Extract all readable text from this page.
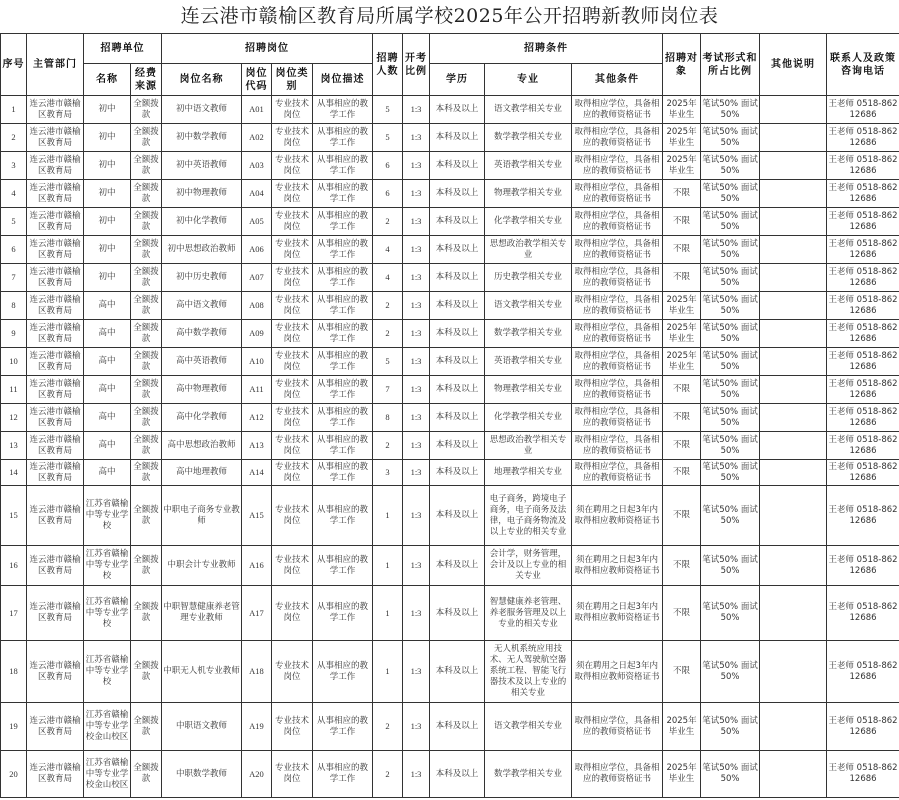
连云港市赣榆区教育局所属学校2025年公开招聘新教师岗位表
序号	主管部门	招聘单位		招聘岗位				招聘人数	开考比例	招聘条件			招聘对象	考试形式和所占比例	其他说明	联系人及政策咨询电话
		名称	经费来源	岗位名称	岗位代码	岗位类别	岗位描述			学历	专业	其他条件				
1	连云港市赣榆区教育局	初中	全额拨款	初中语文教师	A01	专业技术岗位	从事相应的教学工作	5	1:3	本科及以上	语文教学相关专业	取得相应学位，具备相应的教师资格证书	2025年毕业生	笔试50% 面试50%		王老师 0518-86212686
2	连云港市赣榆区教育局	初中	全额拨款	初中数学教师	A02	专业技术岗位	从事相应的教学工作	5	1:3	本科及以上	数学教学相关专业	取得相应学位，具备相应的教师资格证书	2025年毕业生	笔试50% 面试50%		王老师 0518-86212686
3	连云港市赣榆区教育局	初中	全额拨款	初中英语教师	A03	专业技术岗位	从事相应的教学工作	6	1:3	本科及以上	英语教学相关专业	取得相应学位，具备相应的教师资格证书	2025年毕业生	笔试50% 面试50%		王老师 0518-86212686
4	连云港市赣榆区教育局	初中	全额拨款	初中物理教师	A04	专业技术岗位	从事相应的教学工作	6	1:3	本科及以上	物理教学相关专业	取得相应学位，具备相应的教师资格证书	不限	笔试50% 面试50%		王老师 0518-86212686
5	连云港市赣榆区教育局	初中	全额拨款	初中化学教师	A05	专业技术岗位	从事相应的教学工作	2	1:3	本科及以上	化学教学相关专业	取得相应学位，具备相应的教师资格证书	不限	笔试50% 面试50%		王老师 0518-86212686
6	连云港市赣榆区教育局	初中	全额拨款	初中思想政治教师	A06	专业技术岗位	从事相应的教学工作	4	1:3	本科及以上	思想政治教学相关专业	取得相应学位，具备相应的教师资格证书	不限	笔试50% 面试50%		王老师 0518-86212686
7	连云港市赣榆区教育局	初中	全额拨款	初中历史教师	A07	专业技术岗位	从事相应的教学工作	4	1:3	本科及以上	历史教学相关专业	取得相应学位，具备相应的教师资格证书	不限	笔试50% 面试50%		王老师 0518-86212686
8	连云港市赣榆区教育局	高中	全额拨款	高中语文教师	A08	专业技术岗位	从事相应的教学工作	2	1:3	本科及以上	语文教学相关专业	取得相应学位，具备相应的教师资格证书	2025年毕业生	笔试50% 面试50%		王老师 0518-86212686
9	连云港市赣榆区教育局	高中	全额拨款	高中数学教师	A09	专业技术岗位	从事相应的教学工作	2	1:3	本科及以上	数学教学相关专业	取得相应学位，具备相应的教师资格证书	2025年毕业生	笔试50% 面试50%		王老师 0518-86212686
10	连云港市赣榆区教育局	高中	全额拨款	高中英语教师	A10	专业技术岗位	从事相应的教学工作	5	1:3	本科及以上	英语教学相关专业	取得相应学位，具备相应的教师资格证书	2025年毕业生	笔试50% 面试50%		王老师 0518-86212686
11	连云港市赣榆区教育局	高中	全额拨款	高中物理教师	A11	专业技术岗位	从事相应的教学工作	7	1:3	本科及以上	物理教学相关专业	取得相应学位，具备相应的教师资格证书	不限	笔试50% 面试50%		王老师 0518-86212686
12	连云港市赣榆区教育局	高中	全额拨款	高中化学教师	A12	专业技术岗位	从事相应的教学工作	8	1:3	本科及以上	化学教学相关专业	取得相应学位，具备相应的教师资格证书	不限	笔试50% 面试50%		王老师 0518-86212686
13	连云港市赣榆区教育局	高中	全额拨款	高中思想政治教师	A13	专业技术岗位	从事相应的教学工作	2	1:3	本科及以上	思想政治教学相关专业	取得相应学位，具备相应的教师资格证书	不限	笔试50% 面试50%		王老师 0518-86212686
14	连云港市赣榆区教育局	高中	全额拨款	高中地理教师	A14	专业技术岗位	从事相应的教学工作	3	1:3	本科及以上	地理教学相关专业	取得相应学位，具备相应的教师资格证书	不限	笔试50% 面试50%		王老师 0518-86212686
15	连云港市赣榆区教育局	江苏省赣榆中等专业学校	全额拨款	中职电子商务专业教师	A15	专业技术岗位	从事相应的教学工作	1	1:3	本科及以上	电子商务，跨境电子商务，电子商务及法律，电子商务物流及以上专业的相关专业	须在聘用之日起3年内取得相应教师资格证书	不限	笔试50% 面试50%		王老师 0518-86212686
16	连云港市赣榆区教育局	江苏省赣榆中等专业学校	全额拨款	中职会计专业教师	A16	专业技术岗位	从事相应的教学工作	1	1:3	本科及以上	会计学，财务管理，会计及以上专业的相关专业	须在聘用之日起3年内取得相应教师资格证书	不限	笔试50% 面试50%		王老师 0518-86212686
17	连云港市赣榆区教育局	江苏省赣榆中等专业学校	全额拨款	中职智慧健康养老管理专业教师	A17	专业技术岗位	从事相应的教学工作	1	1:3	本科及以上	智慧健康养老管理、养老服务管理及以上专业的相关专业	须在聘用之日起3年内取得相应教师资格证书	不限	笔试50% 面试50%		王老师 0518-86212686
18	连云港市赣榆区教育局	江苏省赣榆中等专业学校	全额拨款	中职无人机专业教师	A18	专业技术岗位	从事相应的教学工作	1	1:3	本科及以上	无人机系统应用技术、无人驾驶航空器系统工程、智能飞行器技术及以上专业的相关专业	须在聘用之日起3年内取得相应教师资格证书	不限	笔试50% 面试50%		王老师 0518-86212686
19	连云港市赣榆区教育局	江苏省赣榆中等专业学校金山校区	全额拨款	中职语文教师	A19	专业技术岗位	从事相应的教学工作	2	1:3	本科及以上	语文教学相关专业	取得相应学位，具备相应的教师资格证书	2025年毕业生	笔试50% 面试50%		王老师 0518-86212686
20	连云港市赣榆区教育局	江苏省赣榆中等专业学校金山校区	全额拨款	中职数学教师	A20	专业技术岗位	从事相应的教学工作	2	1:3	本科及以上	数学教学相关专业	取得相应学位，具备相应的教师资格证书	2025年毕业生	笔试50% 面试50%		王老师 0518-86212686
